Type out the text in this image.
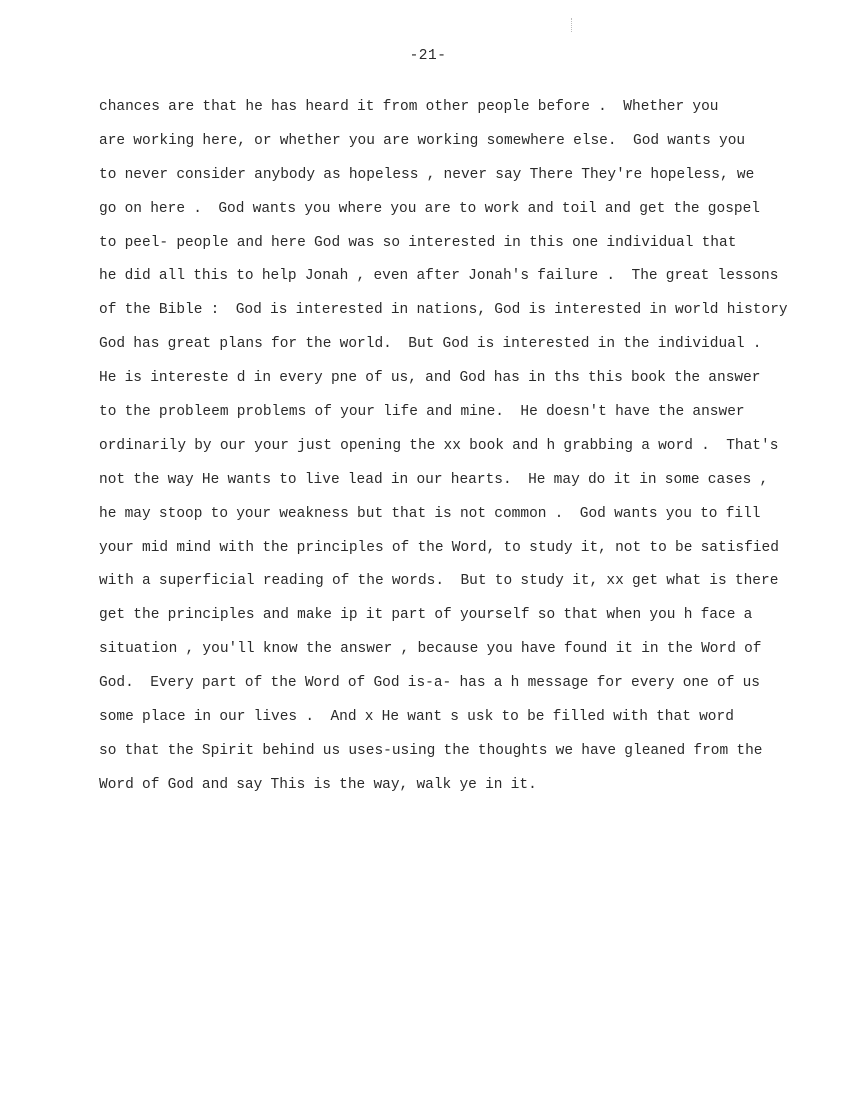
-21-
chances are that he has heard it from other people before .  Whether you
are working here, or whether you are working somewhere else.  God wants you
to never consider anybody as hopeless , never say There They're hopeless, we
go on here .  God wants you where you are to work and toil and get the gospel
to peel- people and here God was so interested in this one individual that
he did all this to help Jonah , even after Jonah's failure .  The great lessons
of the Bible :  God is interested in nations, God is interested in world history
God has great plans for the world.  But God is interested in the individual .
He is intereste d in every pne of us, and God has in ths this book the answer
to the probleem problems of your life and mine.  He doesn't have the answer
ordinarily by our your just opening the xx book and h grabbing a word .  That's
not the way He wants to live lead in our hearts.  He may do it in some cases ,
he may stoop to your weakness but that is not common .  God wants you to fill
your mid mind with the principles of the Word, to study it, not to be satisfied
with a superficial reading of the words.  But to study it, xx get what is there
get the principles and make ip it part of yourself so that when you h face a
situation , you'll know the answer , because you have found it in the Word of
God.  Every part of the Word of God is-a- has a h message for every one of us
some place in our lives .  And x He want s usk to be filled with that word
so that the Spirit behind us uses-using the thoughts we have gleaned from the
Word of God and say This is the way, walk ye in it.
